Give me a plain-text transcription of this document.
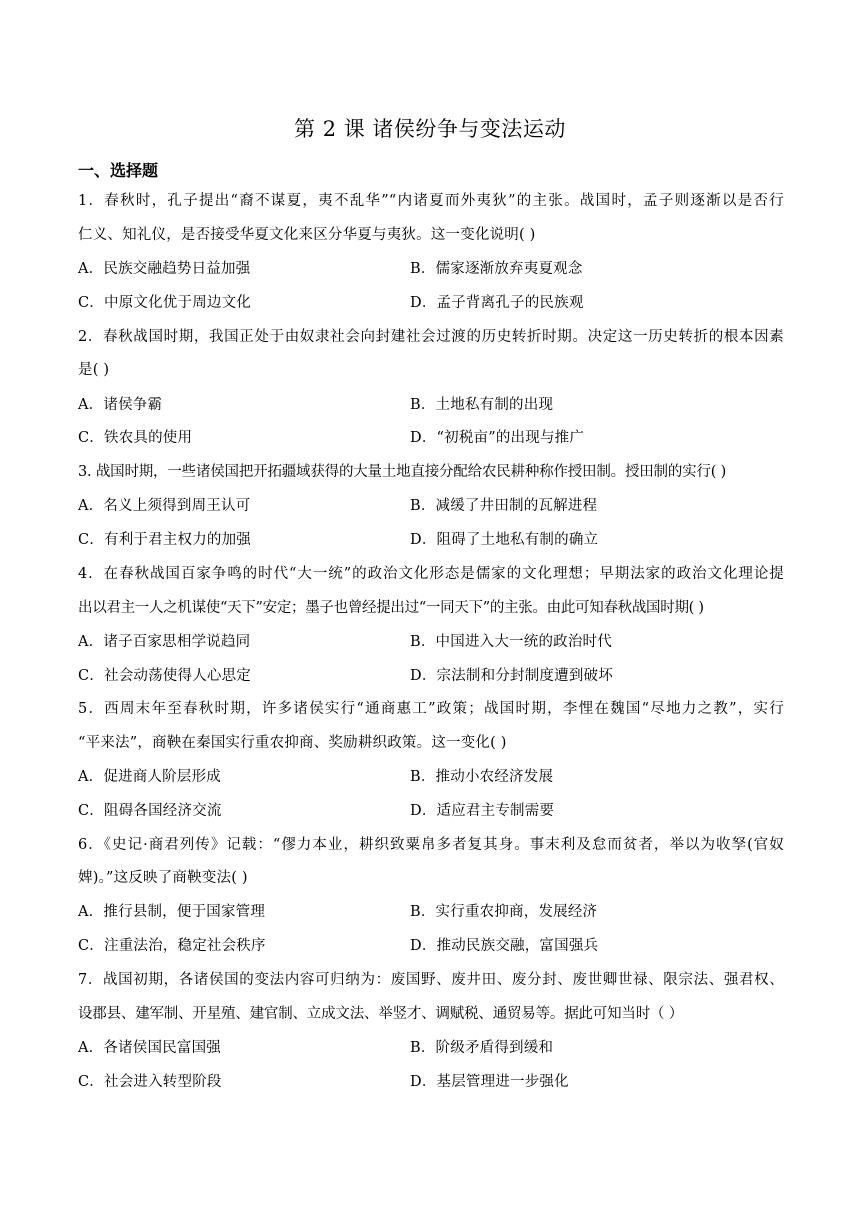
第 2 课 诸侯纷争与变法运动
一、选择题
1．春秋时，孔子提出“裔不谋夏，夷不乱华”“内诸夏而外夷狄”的主张。战国时，孟子则逐渐以是否行
仁义、知礼仪，是否接受华夏文化来区分华夏与夷狄。这一变化说明( )
A．民族交融趋势日益加强	B．儒家逐渐放弃夷夏观念
C．中原文化优于周边文化	D．孟子背离孔子的民族观
2．春秋战国时期，我国正处于由奴隶社会向封建社会过渡的历史转折时期。决定这一历史转折的根本因素
是( )
A．诸侯争霸	B．土地私有制的出现
C．铁农具的使用	D．“初税亩”的出现与推广
3. 战国时期，一些诸侯国把开拓疆域获得的大量土地直接分配给农民耕种称作授田制。授田制的实行( )
A．名义上须得到周王认可	B．减缓了井田制的瓦解进程
C．有利于君主权力的加强	D．阻碍了土地私有制的确立
4．在春秋战国百家争鸣的时代“大一统”的政治文化形态是儒家的文化理想；早期法家的政治文化理论提
出以君主一人之机谋使“天下”安定；墨子也曾经提出过“一同天下”的主张。由此可知春秋战国时期( )
A．诸子百家思相学说趋同	B．中国进入大一统的政治时代
C．社会动荡使得人心思定	D．宗法制和分封制度遭到破坏
5．西周末年至春秋时期，许多诸侯实行“通商惠工”政策；战国时期，李悝在魏国“尽地力之教”，实行
“平来法”，商鞅在秦国实行重农抑商、奖励耕织政策。这一变化( )
A．促进商人阶层形成	B．推动小农经济发展
C．阻碍各国经济交流	D．适应君主专制需要
6．《史记·商君列传》记载：“僇力本业，耕织致粟帛多者复其身。事末利及怠而贫者，举以为收孥(官奴
婢)。”这反映了商鞅变法( )
A．推行县制，便于国家管理	B．实行重农抑商，发展经济
C．注重法治，稳定社会秩序	D．推动民族交融，富国强兵
7．战国初期，各诸侯国的变法内容可归纳为：废国野、废井田、废分封、废世卿世禄、限宗法、强君权、
设郡县、建军制、开星殖、建官制、立成文法、举竖才、调赋税、通贸易等。据此可知当时（ ）
A．各诸侯国民富国强	B．阶级矛盾得到缓和
C．社会进入转型阶段	D．基层管理进一步强化
